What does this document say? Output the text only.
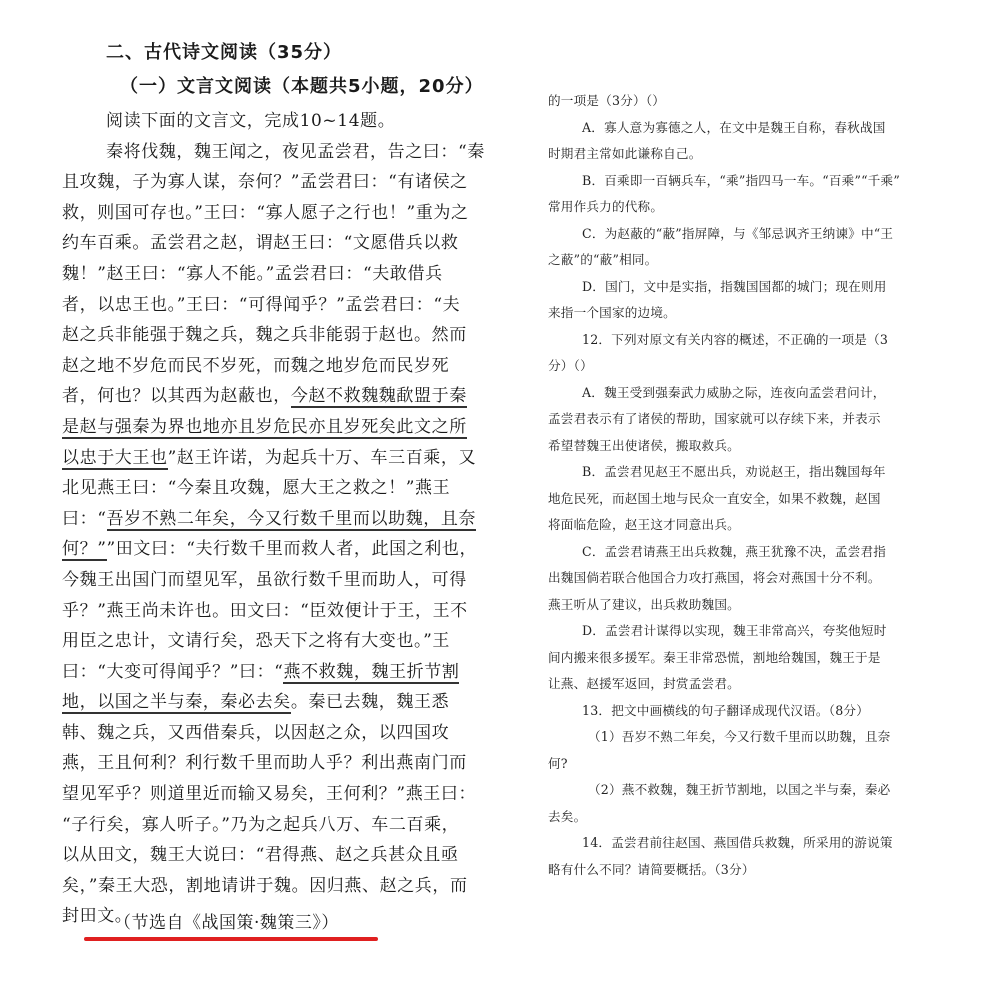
二、古代诗文阅读（35分）
（一）文言文阅读（本题共5小题，20分）
阅读下面的文言文，完成10~14题。
秦将伐魏，魏王闻之，夜见孟尝君，告之曰：“秦
且攻魏，子为寡人谋，奈何？”孟尝君曰：“有诸侯之
救，则国可存也。”王曰：“寡人愿子之行也！”重为之
约车百乘。孟尝君之赵，谓赵王曰：“文愿借兵以救
魏！”赵王曰：“寡人不能。”孟尝君曰：“夫敢借兵
者，以忠王也。”王曰：“可得闻乎？”孟尝君曰：“夫
赵之兵非能强于魏之兵，魏之兵非能弱于赵也。然而
赵之地不岁危而民不岁死，而魏之地岁危而民岁死
者，何也？以其西为赵蔽也，今赵不救魏魏歃盟于秦
是赵与强秦为界也地亦且岁危民亦且岁死矣此文之所
以忠于大王也”赵王许诺，为起兵十万、车三百乘，又
北见燕王曰：“今秦且攻魏，愿大王之救之！”燕王
曰：“吾岁不熟二年矣，今又行数千里而以助魏，且奈
何？””田文曰：“夫行数千里而救人者，此国之利也，
今魏王出国门而望见军，虽欲行数千里而助人，可得
乎？”燕王尚未许也。田文曰：“臣效便计于王，王不
用臣之忠计，文请行矣，恐天下之将有大变也。”王
曰：“大变可得闻乎？”曰：“燕不救魏，魏王折节割
地，以国之半与秦，秦必去矣。秦已去魏，魏王悉
韩、魏之兵，又西借秦兵，以因赵之众，以四国攻
燕，王且何利？利行数千里而助人乎？利出燕南门而
望见军乎？则道里近而输又易矣，王何利？”燕王曰：
“子行矣，寡人听子。”乃为之起兵八万、车二百乘，
以从田文，魏王大说曰：“君得燕、赵之兵甚众且亟
矣，”秦王大恐，割地请讲于魏。因归燕、赵之兵，而
封田文。
（节选自《战国策·魏策三》）
的一项是（3分）（）
A．寡人意为寡德之人，在文中是魏王自称，春秋战国
时期君主常如此谦称自己。
B．百乘即一百辆兵车，“乘”指四马一车。“百乘”“千乘”
常用作兵力的代称。
C．为赵蔽的“蔽”指屏障，与《邹忌讽齐王纳谏》中“王
之蔽”的“蔽”相同。
D．国门，文中是实指，指魏国国都的城门；现在则用
来指一个国家的边境。
12．下列对原文有关内容的概述，不正确的一项是（3
分）（）
A．魏王受到强秦武力威胁之际，连夜向孟尝君问计，
孟尝君表示有了诸侯的帮助，国家就可以存续下来，并表示
希望替魏王出使诸侯，搬取救兵。
B．孟尝君见赵王不愿出兵，劝说赵王，指出魏国每年
地危民死，而赵国土地与民众一直安全，如果不救魏，赵国
将面临危险，赵王这才同意出兵。
C．孟尝君请燕王出兵救魏，燕王犹豫不决，孟尝君指
出魏国倘若联合他国合力攻打燕国，将会对燕国十分不利。
燕王听从了建议，出兵救助魏国。
D．孟尝君计谋得以实现，魏王非常高兴，夸奖他短时
间内搬来很多援军。秦王非常恐慌，割地给魏国，魏王于是
让燕、赵援军返回，封赏孟尝君。
13．把文中画横线的句子翻译成现代汉语。（8分）
（1）吾岁不熟二年矣，今又行数千里而以助魏，且奈
何?
（2）燕不救魏，魏王折节割地，以国之半与秦，秦必
去矣。
14．孟尝君前往赵国、燕国借兵救魏，所采用的游说策
略有什么不同？请简要概括。（3分）
